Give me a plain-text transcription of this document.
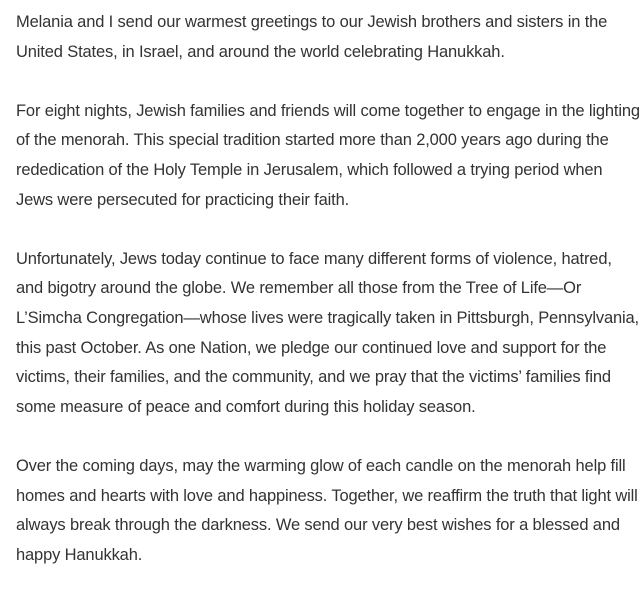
Melania and I send our warmest greetings to our Jewish brothers and sisters in the United States, in Israel, and around the world celebrating Hanukkah.

For eight nights, Jewish families and friends will come together to engage in the lighting of the menorah. This special tradition started more than 2,000 years ago during the rededication of the Holy Temple in Jerusalem, which followed a trying period when Jews were persecuted for practicing their faith.

Unfortunately, Jews today continue to face many different forms of violence, hatred, and bigotry around the globe. We remember all those from the Tree of Life—Or L’Simcha Congregation—whose lives were tragically taken in Pittsburgh, Pennsylvania, this past October. As one Nation, we pledge our continued love and support for the victims, their families, and the community, and we pray that the victims’ families find some measure of peace and comfort during this holiday season.

Over the coming days, may the warming glow of each candle on the menorah help fill homes and hearts with love and happiness. Together, we reaffirm the truth that light will always break through the darkness. We send our very best wishes for a blessed and happy Hanukkah.
